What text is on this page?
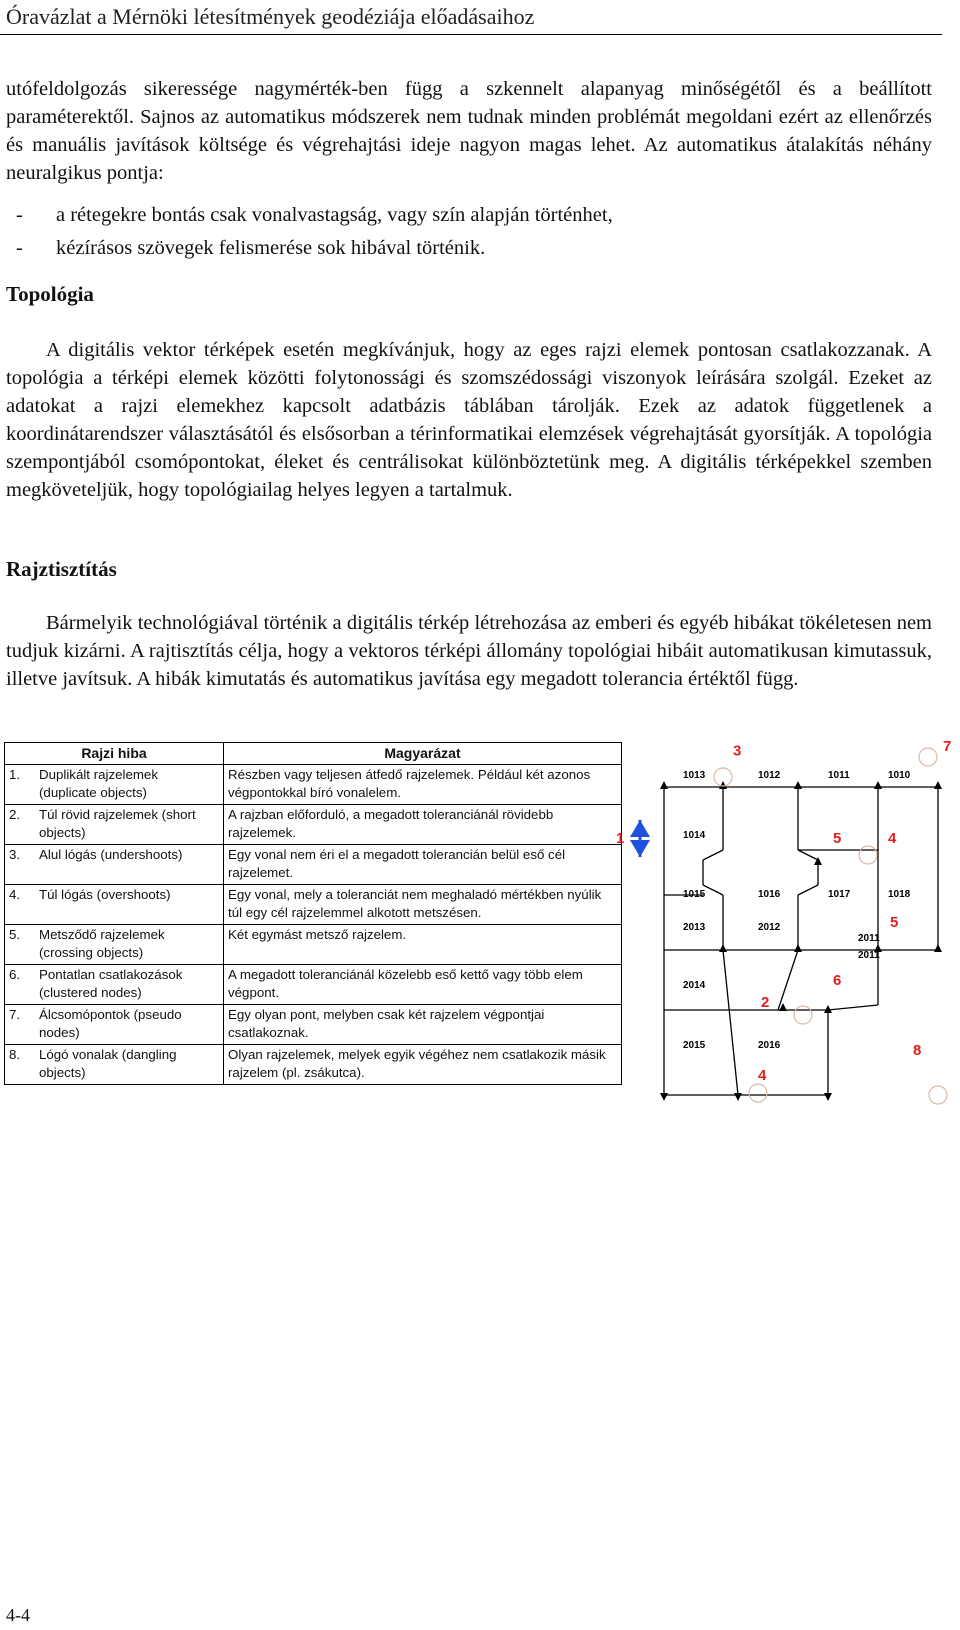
Óravázlat a Mérnöki létesítmények geodéziája előadásaihoz

utófeldolgozás sikeressége nagymérték-ben függ a szkennelt alapanyag minőségétől és a beállított paraméterektől. Sajnos az automatikus módszerek nem tudnak minden problémát megoldani ezért az ellenőrzés és manuális javítások költsége és végrehajtási ideje nagyon magas lehet. Az automatikus átalakítás néhány neuralgikus pontja:

-	a rétegekre bontás csak vonalvastagság, vagy szín alapján történhet,
-	kézírásos szövegek felismerése sok hibával történik.
Topológia

A digitális vektor térképek esetén megkívánjuk, hogy az eges rajzi elemek pontosan csatlakozzanak. A topológia a térképi elemek közötti folytonossági és szomszédossági viszonyok leírására szolgál. Ezeket az adatokat a rajzi elemekhez kapcsolt adatbázis táblában tárolják. Ezek az adatok függetlenek a koordinátarendszer választásától és elsősorban a térinformatikai elemzések végrehajtását gyorsítják. A topológia szempontjából csomópontokat, éleket és centrálisokat különböztetünk meg. A digitális térképekkel szemben megköveteljük, hogy topológiailag helyes legyen a tartalmuk.

Rajztisztítás

Bármelyik technológiával történik a digitális térkép létrehozása az emberi és egyéb hibákat tökéletesen nem tudjuk kizárni. A rajtisztítás célja, hogy a vektoros térképi állomány topológiai hibáit automatikusan kimutassuk, illetve javítsuk. A hibák kimutatás és automatikus javítása egy megadott tolerancia értéktől függ.

Rajzi hiba		Magyarázat
1.	Duplikált rajzelemek (duplicate objects)	Részben vagy teljesen átfedő rajzelemek. Például két azonos végpontokkal bíró vonalelem.
2.	Túl rövid rajzelemek (short objects)	A rajzban előforduló, a megadott toleranciánál rövidebb rajzelemek.
3.	Alul lógás (undershoots)	Egy vonal nem éri el a megadott tolerancián belül eső cél rajzelemet.
4.	Túl lógás (overshoots)	Egy vonal, mely a toleranciát nem meghaladó mértékben nyúlik túl egy cél rajzelemmel alkotott metszésen.
5.	Metsződő rajzelemek (crossing objects)	Két egymást metsző rajzelem.
6.	Pontatlan csatlakozások (clustered nodes)	A megadott toleranciánál közelebb eső kettő vagy több elem végpont.
7.	Álcsomópontok (pseudo nodes)	Egy olyan pont, melyben csak két rajzelem végpontjai csatlakoznak.
8.	Lógó vonalak (dangling objects)	Olyan rajzelemek, melyek egyik végéhez nem csatlakozik másik rajzelem (pl. zsákutca).
1013	1012	1011	1010
1014
1015	1016	1017	1018
2013	2012
2011
2011
2014
2015	2016
3	7
1	5	4
5
6
2
8
4
4-4
